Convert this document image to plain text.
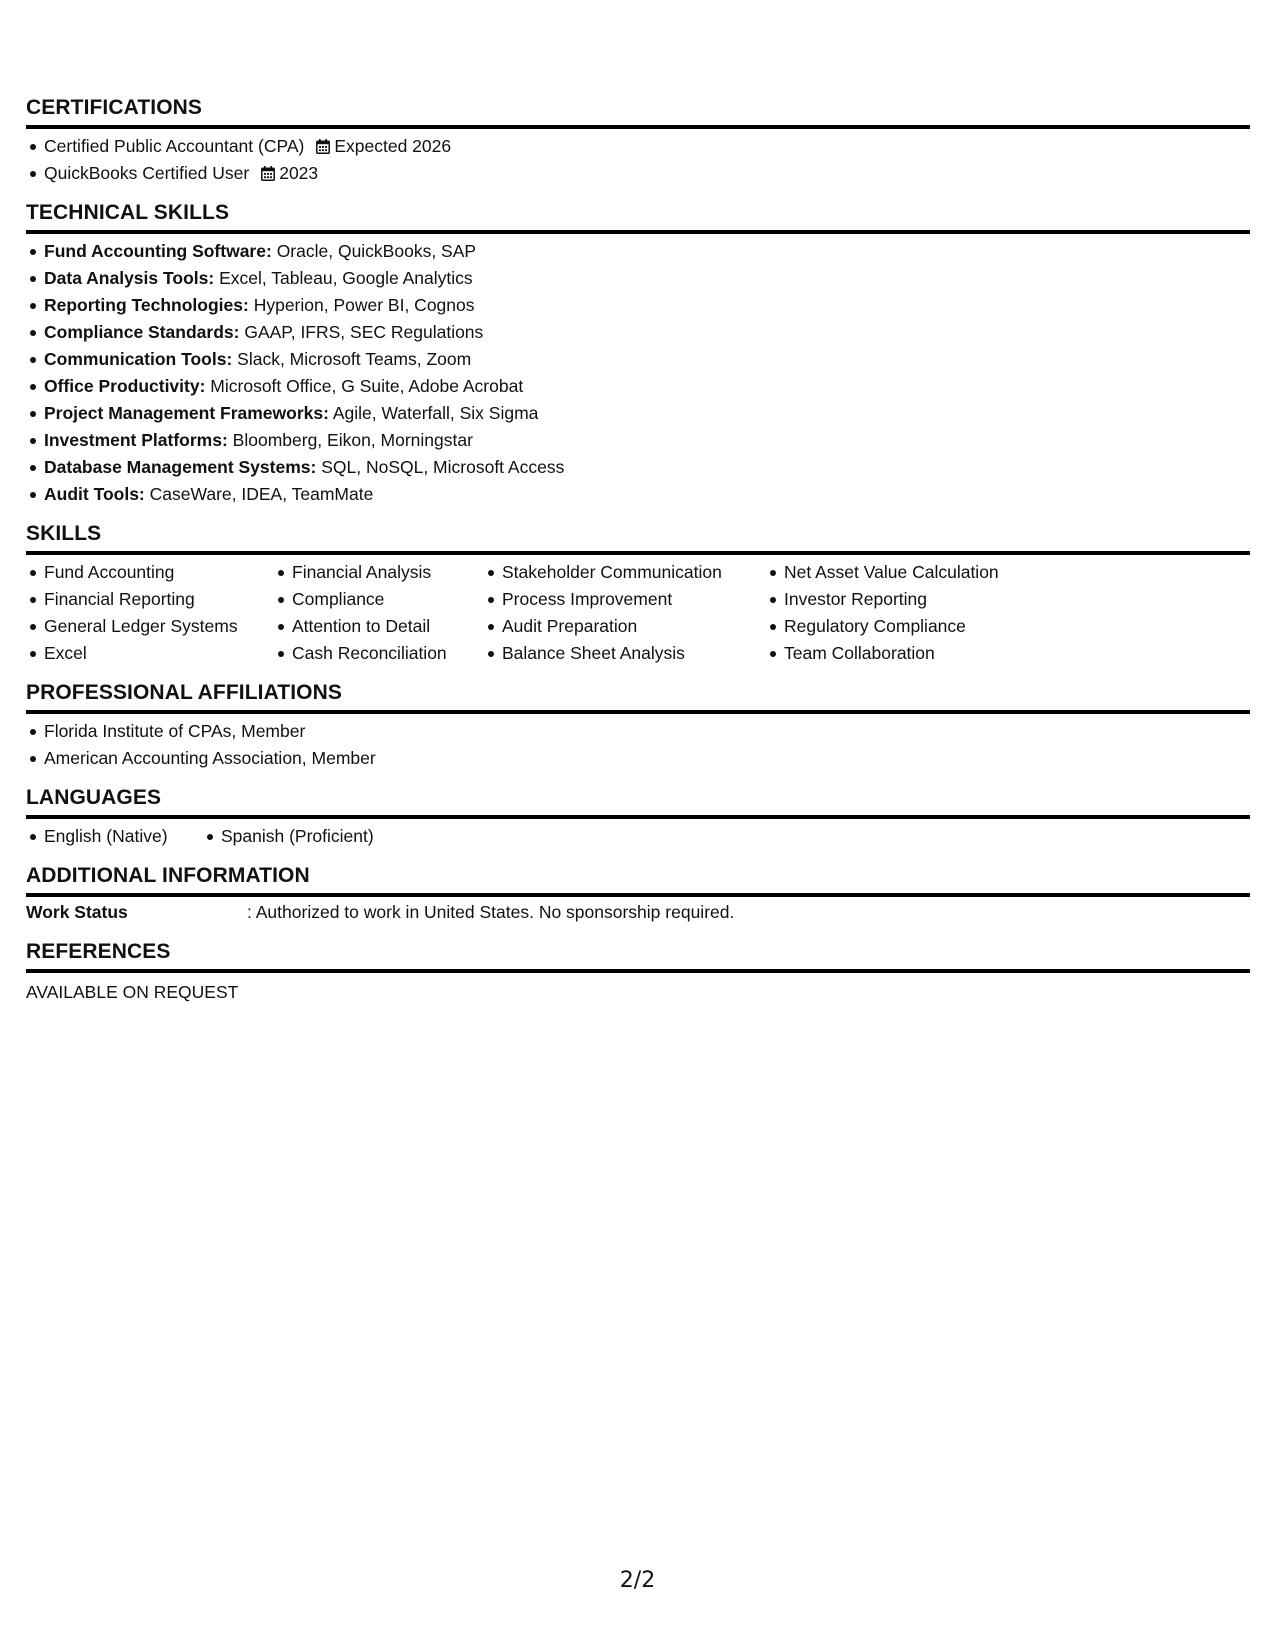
CERTIFICATIONS
Certified Public Accountant (CPA) Expected 2026
QuickBooks Certified User 2023
TECHNICAL SKILLS
Fund Accounting Software: Oracle, QuickBooks, SAP
Data Analysis Tools: Excel, Tableau, Google Analytics
Reporting Technologies: Hyperion, Power BI, Cognos
Compliance Standards: GAAP, IFRS, SEC Regulations
Communication Tools: Slack, Microsoft Teams, Zoom
Office Productivity: Microsoft Office, G Suite, Adobe Acrobat
Project Management Frameworks: Agile, Waterfall, Six Sigma
Investment Platforms: Bloomberg, Eikon, Morningstar
Database Management Systems: SQL, NoSQL, Microsoft Access
Audit Tools: CaseWare, IDEA, TeamMate
SKILLS
Fund Accounting
Financial Reporting
General Ledger Systems
Excel
Financial Analysis
Compliance
Attention to Detail
Cash Reconciliation
Stakeholder Communication
Process Improvement
Audit Preparation
Balance Sheet Analysis
Net Asset Value Calculation
Investor Reporting
Regulatory Compliance
Team Collaboration
PROFESSIONAL AFFILIATIONS
Florida Institute of CPAs, Member
American Accounting Association, Member
LANGUAGES
English (Native)	Spanish (Proficient)
ADDITIONAL INFORMATION
Work Status	: Authorized to work in United States. No sponsorship required.
REFERENCES
AVAILABLE ON REQUEST
2/2
